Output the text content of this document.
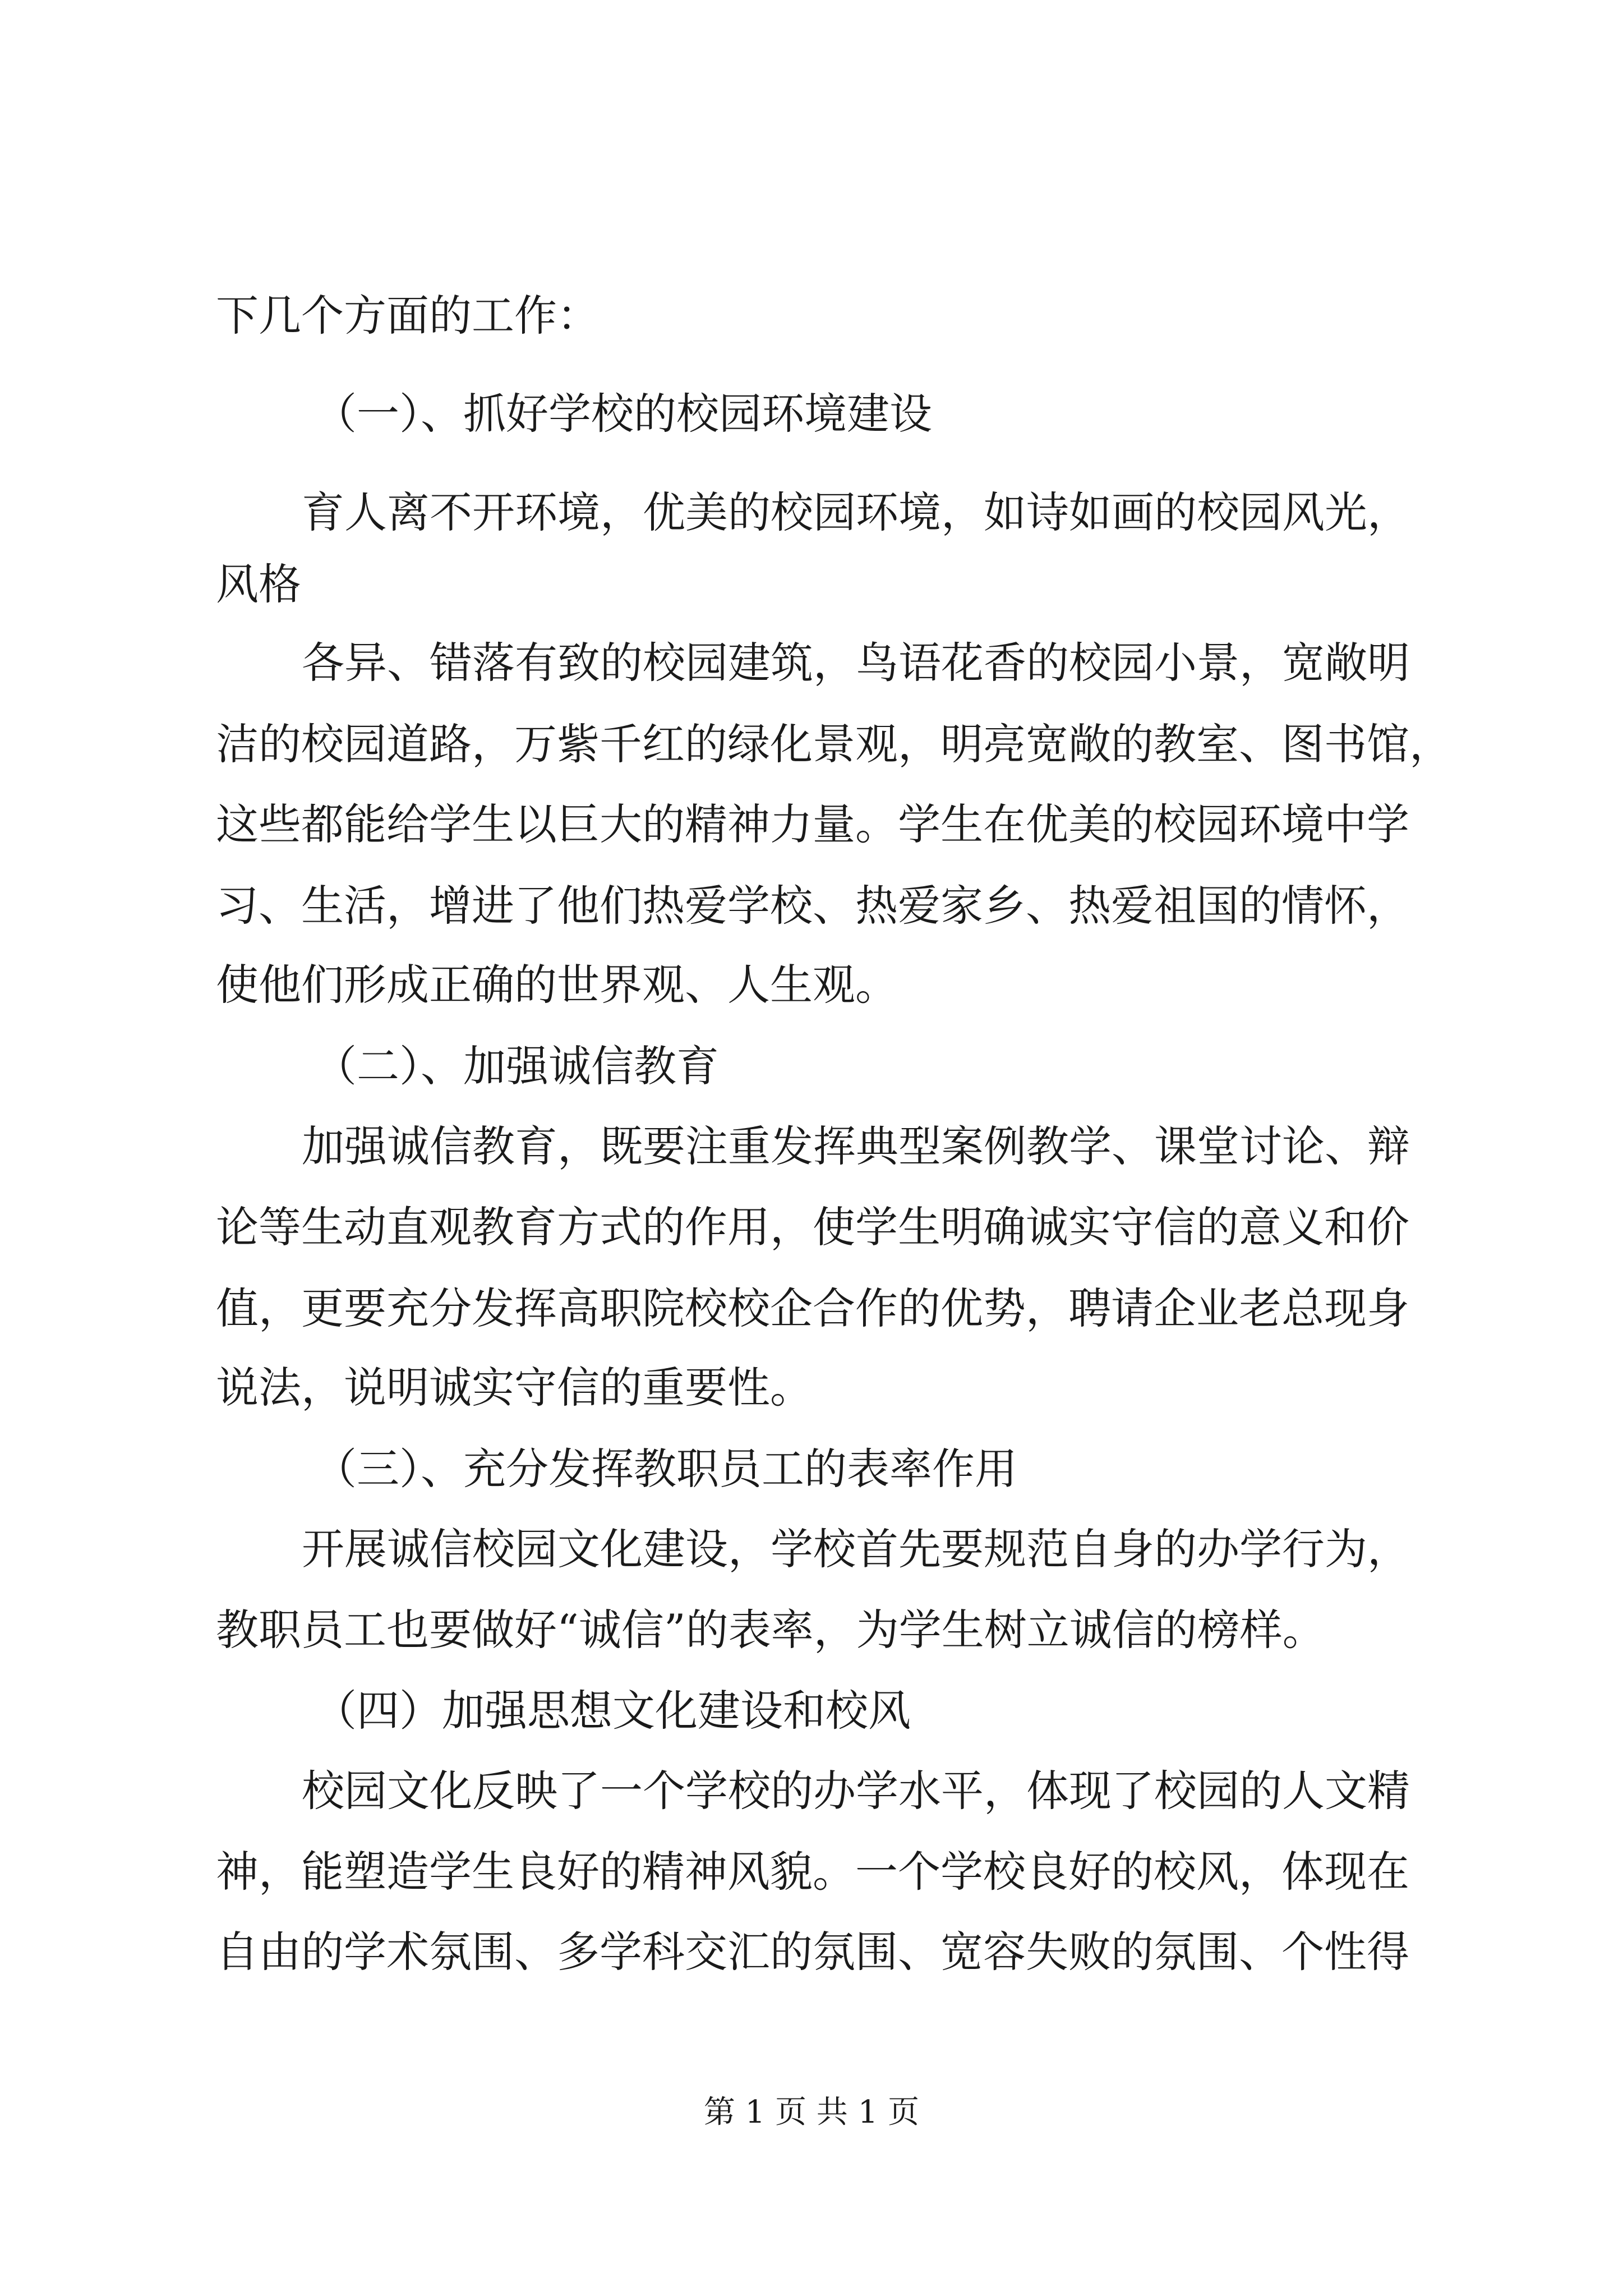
下几个方面的工作：
（一）、抓好学校的校园环境建设
育人离不开环境，优美的校园环境，如诗如画的校园风光，
风格
各异、错落有致的校园建筑，鸟语花香的校园小景，宽敞明
洁的校园道路，万紫千红的绿化景观，明亮宽敞的教室、图书馆，
这些都能给学生以巨大的精神力量。学生在优美的校园环境中学
习、生活，增进了他们热爱学校、热爱家乡、热爱祖国的情怀，
使他们形成正确的世界观、人生观。
（二）、加强诚信教育
加强诚信教育，既要注重发挥典型案例教学、课堂讨论、辩
论等生动直观教育方式的作用，使学生明确诚实守信的意义和价
值，更要充分发挥高职院校校企合作的优势，聘请企业老总现身
说法，说明诚实守信的重要性。
（三）、充分发挥教职员工的表率作用
开展诚信校园文化建设，学校首先要规范自身的办学行为，
教职员工也要做好“诚信”的表率，为学生树立诚信的榜样。
（四）加强思想文化建设和校风
校园文化反映了一个学校的办学水平，体现了校园的人文精
神，能塑造学生良好的精神风貌。一个学校良好的校风，体现在
自由的学术氛围、多学科交汇的氛围、宽容失败的氛围、个性得
第 1 页 共 1 页
